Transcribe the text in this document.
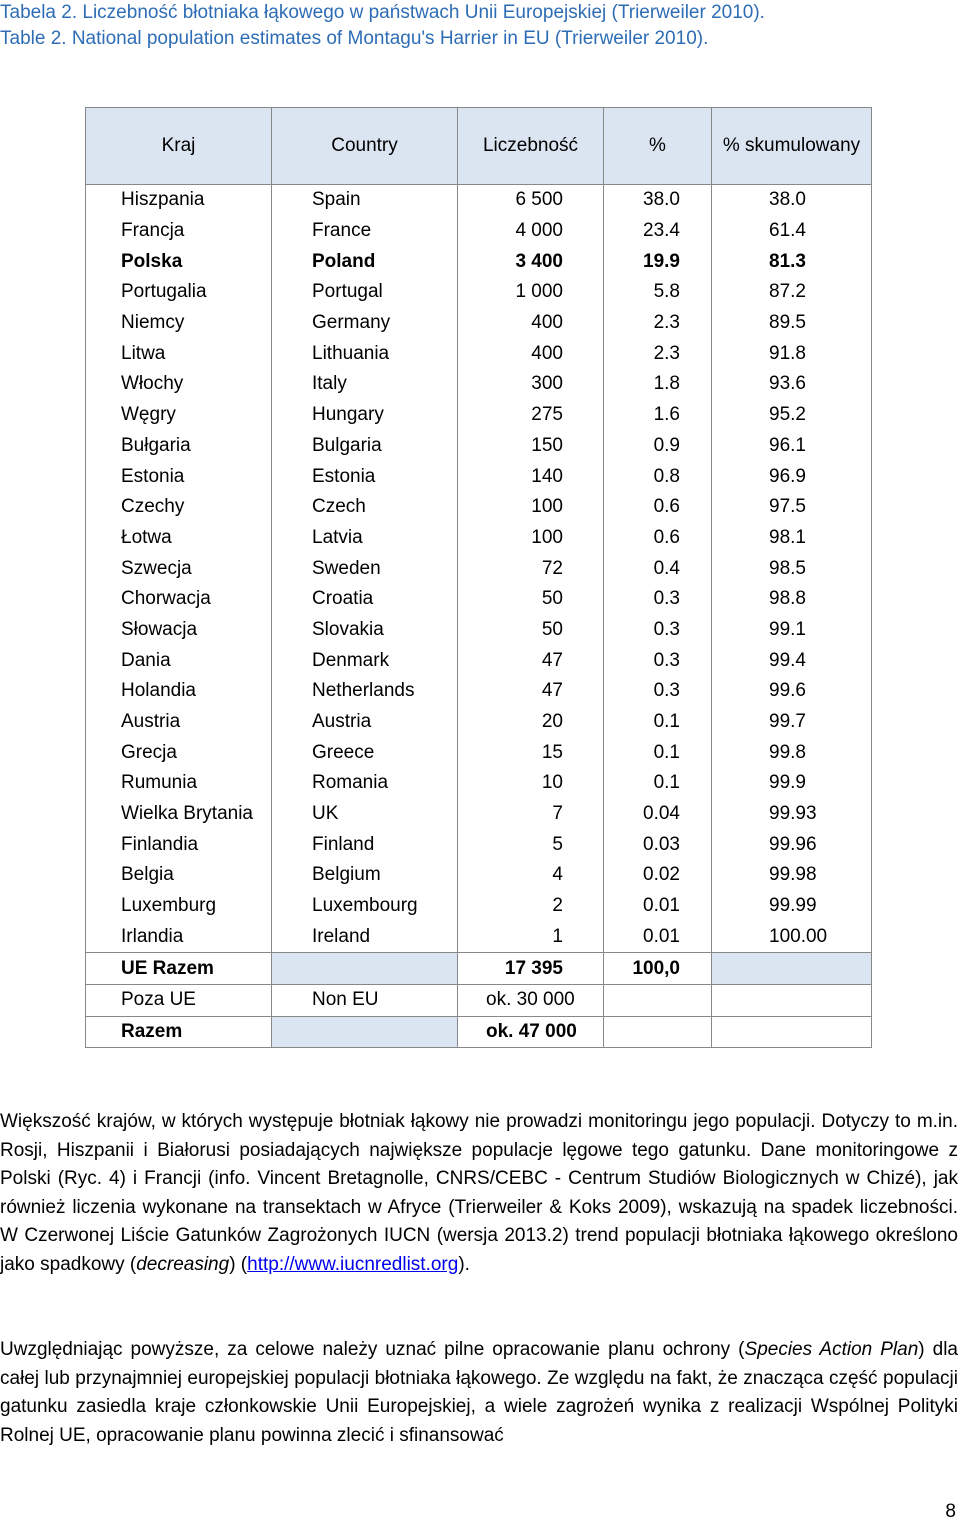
Tabela 2. Liczebność błotniaka łąkowego w państwach Unii Europejskiej (Trierweiler 2010).
Table 2. National population estimates of Montagu's Harrier in EU (Trierweiler 2010).
Kraj	Country	Liczebność	%	% skumulowany
Hiszpania	Spain	6 500	38.0	38.0
Francja	France	4 000	23.4	61.4
Polska	Poland	3 400	19.9	81.3
Portugalia	Portugal	1 000	5.8	87.2
Niemcy	Germany	400	2.3	89.5
Litwa	Lithuania	400	2.3	91.8
Włochy	Italy	300	1.8	93.6
Węgry	Hungary	275	1.6	95.2
Bułgaria	Bulgaria	150	0.9	96.1
Estonia	Estonia	140	0.8	96.9
Czechy	Czech	100	0.6	97.5
Łotwa	Latvia	100	0.6	98.1
Szwecja	Sweden	72	0.4	98.5
Chorwacja	Croatia	50	0.3	98.8
Słowacja	Slovakia	50	0.3	99.1
Dania	Denmark	47	0.3	99.4
Holandia	Netherlands	47	0.3	99.6
Austria	Austria	20	0.1	99.7
Grecja	Greece	15	0.1	99.8
Rumunia	Romania	10	0.1	99.9
Wielka Brytania	UK	7	0.04	99.93
Finlandia	Finland	5	0.03	99.96
Belgia	Belgium	4	0.02	99.98
Luxemburg	Luxembourg	2	0.01	99.99
Irlandia	Ireland	1	0.01	100.00
UE Razem		17 395	100,0	
Poza UE	Non EU	ok. 30 000		
Razem		ok. 47 000		
Większość krajów, w których występuje błotniak łąkowy nie prowadzi monitoringu jego populacji. Dotyczy to m.in. Rosji, Hiszpanii i Białorusi posiadających największe populacje lęgowe tego gatunku. Dane monitoringowe z Polski (Ryc. 4) i Francji (info. Vincent Bretagnolle, CNRS/CEBC - Centrum Studiów Biologicznych w Chizé), jak również liczenia wykonane na transektach w Afryce (Trierweiler & Koks 2009), wskazują na spadek liczebności. W Czerwonej Liście Gatunków Zagrożonych IUCN (wersja 2013.2) trend populacji błotniaka łąkowego określono jako spadkowy (decreasing) (http://www.iucnredlist.org).
Uwzględniając powyższe, za celowe należy uznać pilne opracowanie planu ochrony (Species Action Plan) dla całej lub przynajmniej europejskiej populacji błotniaka łąkowego. Ze względu na fakt, że znacząca część populacji gatunku zasiedla kraje członkowskie Unii Europejskiej, a wiele zagrożeń wynika z realizacji Wspólnej Polityki Rolnej UE, opracowanie planu powinna zlecić i sfinansować
8
